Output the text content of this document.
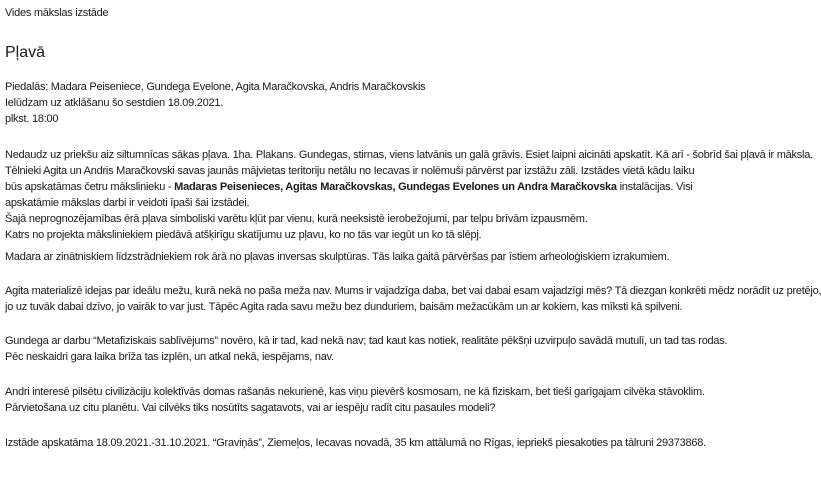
Vides mākslas izstāde
Pļavā
Piedalās: Madara Peiseniece, Gundega Evelone, Agita Maračkovska, Andris Maračkovskis
Ielūdzam uz atklāšanu šo sestdien 18.09.2021.
plkst. 18:00
Nedaudz uz priekšu aiz siltumnīcas sākas pļava. 1ha. Plakans. Gundegas, stirnas, viens latvānis un galā grāvis. Esiet laipni aicināti apskatīt. Kā arī - šobrīd šai pļavā ir māksla.
Tēlnieki Agita un Andris Maračkovski savas jaunās mājvietas teritoriju netālu no Iecavas ir nolēmuši pārvērst par izstāžu zāli. Izstādes vietā kādu laiku būs apskatāmas četru mākslinieku - Madaras Peisenieces, Agitas Maračkovskas, Gundegas Evelones un Andra Maračkovska instalācijas. Visi apskatāmie mākslas darbi ir veidoti īpaši šai izstādei.
Šajā neprognozējamības ērā pļava simboliski varētu kļūt par vienu, kurā neeksistē ierobežojumi, par telpu brīvām izpausmēm.
Katrs no projekta māksliniekiem piedāvā atšķirīgu skatījumu uz pļavu, ko no tās var iegūt un ko tā slēpj.
Madara ar zinātniskiem līdzstrādniekiem rok ārā no pļavas inversas skulptūras. Tās laika gaitā pārvēršas par īstiem arheoloģiskiem izrakumiem.
Agita materializē idejas par ideālu mežu, kurā nekā no pašа meža nav. Mums ir vajadzīga daba, bet vai dabai esam vajadzīgi mēs? Tā diezgan konkrēti mēdz norādīt uz pretējo,
jo uz tuvāk dabai dzīvo, jo vairāk to var just. Tāpēc Agita rada savu mežu bez dunduriem, baisām mežacūkām un ar kokiem, kas mīksti kā spilveni.
Gundega ar darbu “Metafiziskais sablīvējums” novēro, kā ir tad, kad nekā nav; tad kaut kas notiek, realitāte pēkšņi uzvirpuļo savādā mutulī, un tad tas rodas.
Pēc neskaidri gara laika brīža tas izplēn, un atkal nekā, iespējams, nav.
Andri interesē pilsētu civilizāciju kolektīvās domas rašanās nekurienē, kas viņu pievērš kosmosam, ne kā fiziskam, bet tieši garīgajam cilvēka stāvoklim.
Pārvietošana uz citu planētu. Vai cilvēks tiks nosūtīts sagatavots, vai ar iespēju radīt citu pasaules modeli?
Izstāde apskatāma 18.09.2021.-31.10.2021. “Graviņās”, Ziemeļos, Iecavas novadā, 35 km attālumā no Rīgas, iepriekš piesakoties pa tālruni 29373868.
